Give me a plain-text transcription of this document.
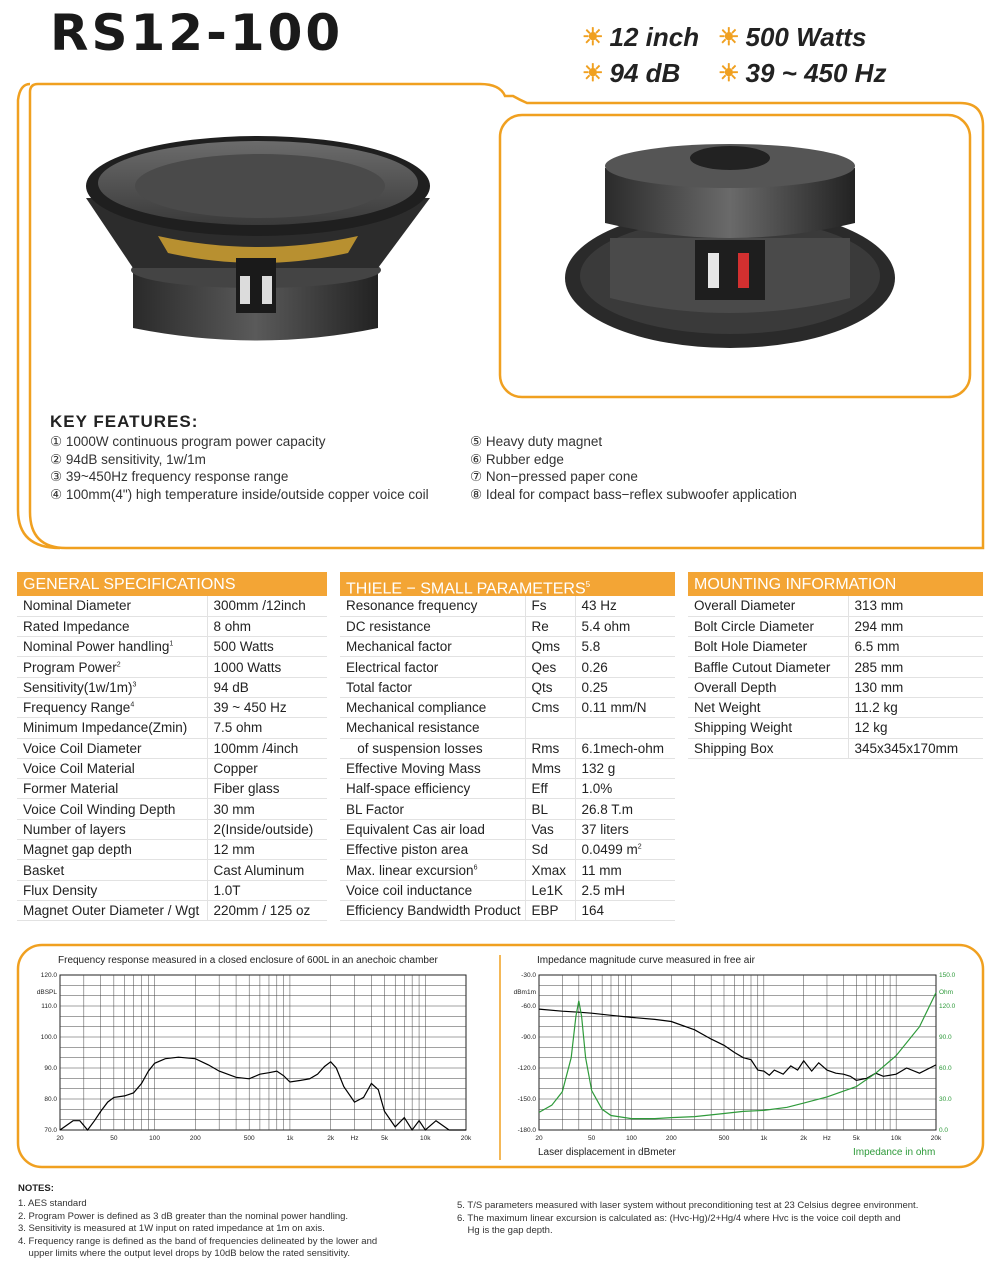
RS12-100	☀ 12 inch ☀ 500 Watts
☀ 94 dB ☀ 39 ~ 450 Hz
KEY FEATURES:
① 1000W continuous program power capacity
② 94dB sensitivity, 1w/1m
③ 39~450Hz frequency response range
④ 100mm(4") high temperature inside/outside copper voice coil
⑤ Heavy duty magnet
⑥ Rubber edge
⑦ Non−pressed paper cone
⑧ Ideal for compact bass−reflex subwoofer application
GENERAL SPECIFICATIONS
Nominal Diameter	300mm /12inch
Rated Impedance	8 ohm
Nominal Power handling$^1$	500 Watts
Program Power$^2$	1000 Watts
$Sensitivity(1w/1m)^3$	94 dB
Frequency Range$^4$	39 ~ 450 Hz
Minimum Impedance(Zmin)	7.5 ohm
Voice Coil Diameter	100mm /4inch
Voice Coil Material	Copper
Former Material	Fiber glass
Voice Coil Winding Depth	30 mm
Number of layers	2(Inside/outside)
Magnet gap depth	12 mm
Basket	Cast Aluminum
Flux Density	1.0T
Magnet Outer Diameter / Wgt	220mm / 125 oz
THIELE − SMALL PARAMETERS$^5$
Resonance frequency	Fs	43 Hz
DC resistance	Re	5.4 ohm
Mechanical factor	Qms	5.8
Electrical factor	Qes	0.26
Total factor	Qts	0.25
Mechanical compliance	Cms	0.11 mm/N
Mechanical resistance		
of suspension losses	Rms	6.1mech-ohm
Effective Moving Mass	Mms	132 g
Half-space efficiency	Eff	1.0%
BL Factor	BL	26.8 T.m
Equivalent Cas air load	Vas	37 liters
Effective piston area	Sd	0.0499 $m^2$
Max. linear excursion$^6$	Xmax	11 mm
Voice coil inductance	Le1K	2.5 mH
Efficiency Bandwidth Product	EBP	164
MOUNTING INFORMATION
Overall Diameter	313 mm
Bolt Circle Diameter	294 mm
Bolt Hole Diameter	6.5 mm
Baffle Cutout Diameter	285 mm
Overall Depth	130 mm
Net Weight	11.2 kg
Shipping Weight	12 kg
Shipping Box	345x345x170mm
Frequency response measured in a closed enclosure of 600L in an anechoic chamber
20	50	100	200	500	1k	2k	5k	10k	20k
Hz
120.0
110.0
100.0
90.0
80.0
70.0
dBSPL
Impedance magnitude curve measured in free air
20	50	100	200	500	1k	2k	5k	10k	20k
Hz
-30.0
-60.0
-90.0
-120.0
-150.0
-180.0
dBm1m
150.0
120.0
90.0
60.0
30.0
0.0
Ohm
Laser displacement in dBmeter	Impedance in ohm
NOTES:
1. AES standard
2. Program Power is defined as 3 dB greater than the nominal power handling.
3. Sensitivity is measured at 1W input on rated impedance at 1m on axis.
4. Frequency range is defined as the band of frequencies delineated by the lower and
upper limits where the output level drops by 10dB below the rated sensitivity.
5. T/S parameters measured with laser system without preconditioning test at 23 Celsius degree environment.
6. The maximum linear excursion is calculated as: (Hvc-Hg)/2+Hg/4 where Hvc is the voice coil depth and
Hg is the gap depth.
